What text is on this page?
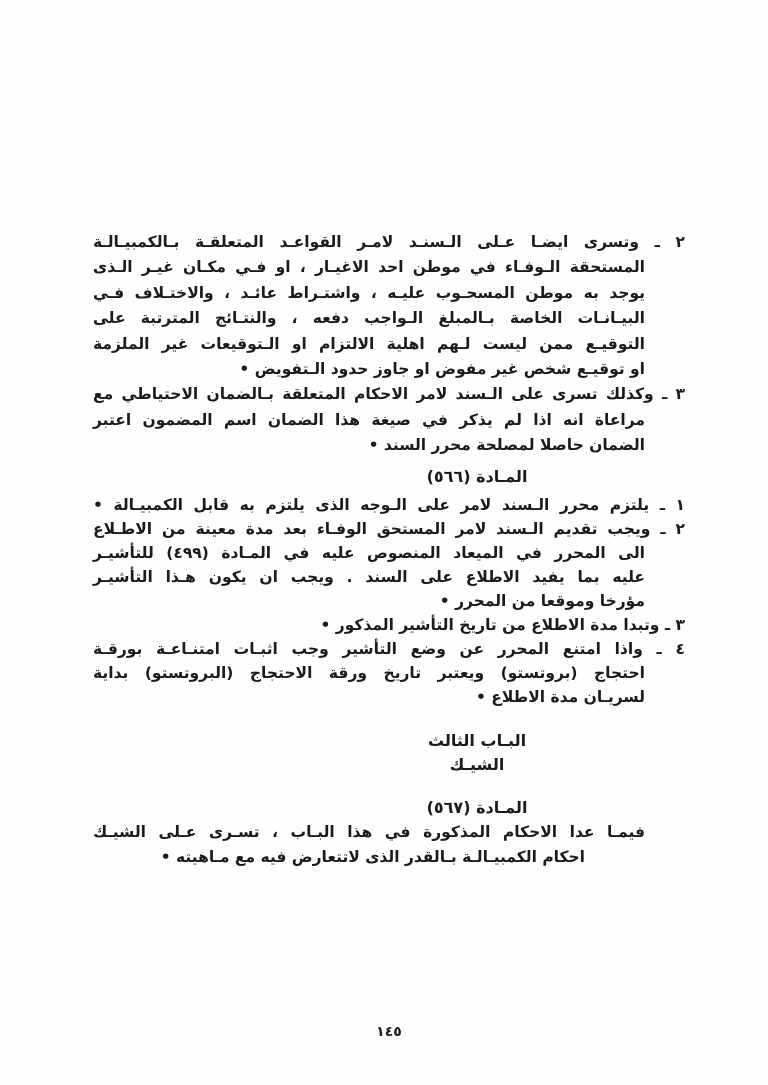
٢ ـ وتسرى ايضـا عـلى الـسنـد لامـر القواعـد المتعلقـة بـالكمبيـالـة
المستحقة الـوفـاء في موطن احد الاغيـار ، او فـي مكـان غيـر الـذى
يوجد به موطن المسحـوب عليـه ، واشتـراط عائـد ، والاختـلاف فـي
البيـانـات الخاصة بـالمبلغ الـواجب دفعه ، والنتـائج المترتبة على
التوقيـع ممن ليست لـهم اهلية الالتزام او الـتوقيعات غير الملزمة
او توقيـع شخص غير مفوض او جاوز حدود الـتفويض •
٣ ـ وكذلك تسرى على الـسند لامر الاحكام المتعلقة بـالضمان الاحتياطي مع
مراعاة انه اذا لم يذكر في صيغة هذا الضمان اسم المضمون اعتبر
الضمان حاصلا لمصلحة محرر السند •
المـادة (٥٦٦)
١ ـ يلتزم محرر الـسند لامر على الـوجه الذى يلتزم به قابل الكمبيـالة •
٢ ـ ويجب تقديم الـسند لامر المستحق الوفـاء بعد مدة معينة من الاطـلاع
الى المحرر في الميعاد المنصوص عليه في المـادة (٤٩٩) للتأشيـر
عليه بما يفيد الاطلاع على السند . ويجب ان يكون هـذا التأشيـر
مؤرخا وموقعا من المحرر •
٣ ـ وتبدا مدة الاطلاع من تاريخ التأشير المذكور •
٤ ـ واذا امتنع المحرر عن وضع التأشير وجب اثبـات امتنـاعـة بورقـة
احتجاج (بروتستو) ويعتبر تاريخ ورقة الاحتجاج (البروتستو) بداية
لسريـان مدة الاطلاع •
البـاب الثالث
الشيـك
المـادة (٥٦٧)
فيمـا عدا الاحكام المذكورة في هذا البـاب ، تسـرى عـلى الشيـك
احكام الكمبيـالـة بـالقدر الذى لاتتعارض فيه مع مـاهيته •
١٤٥
